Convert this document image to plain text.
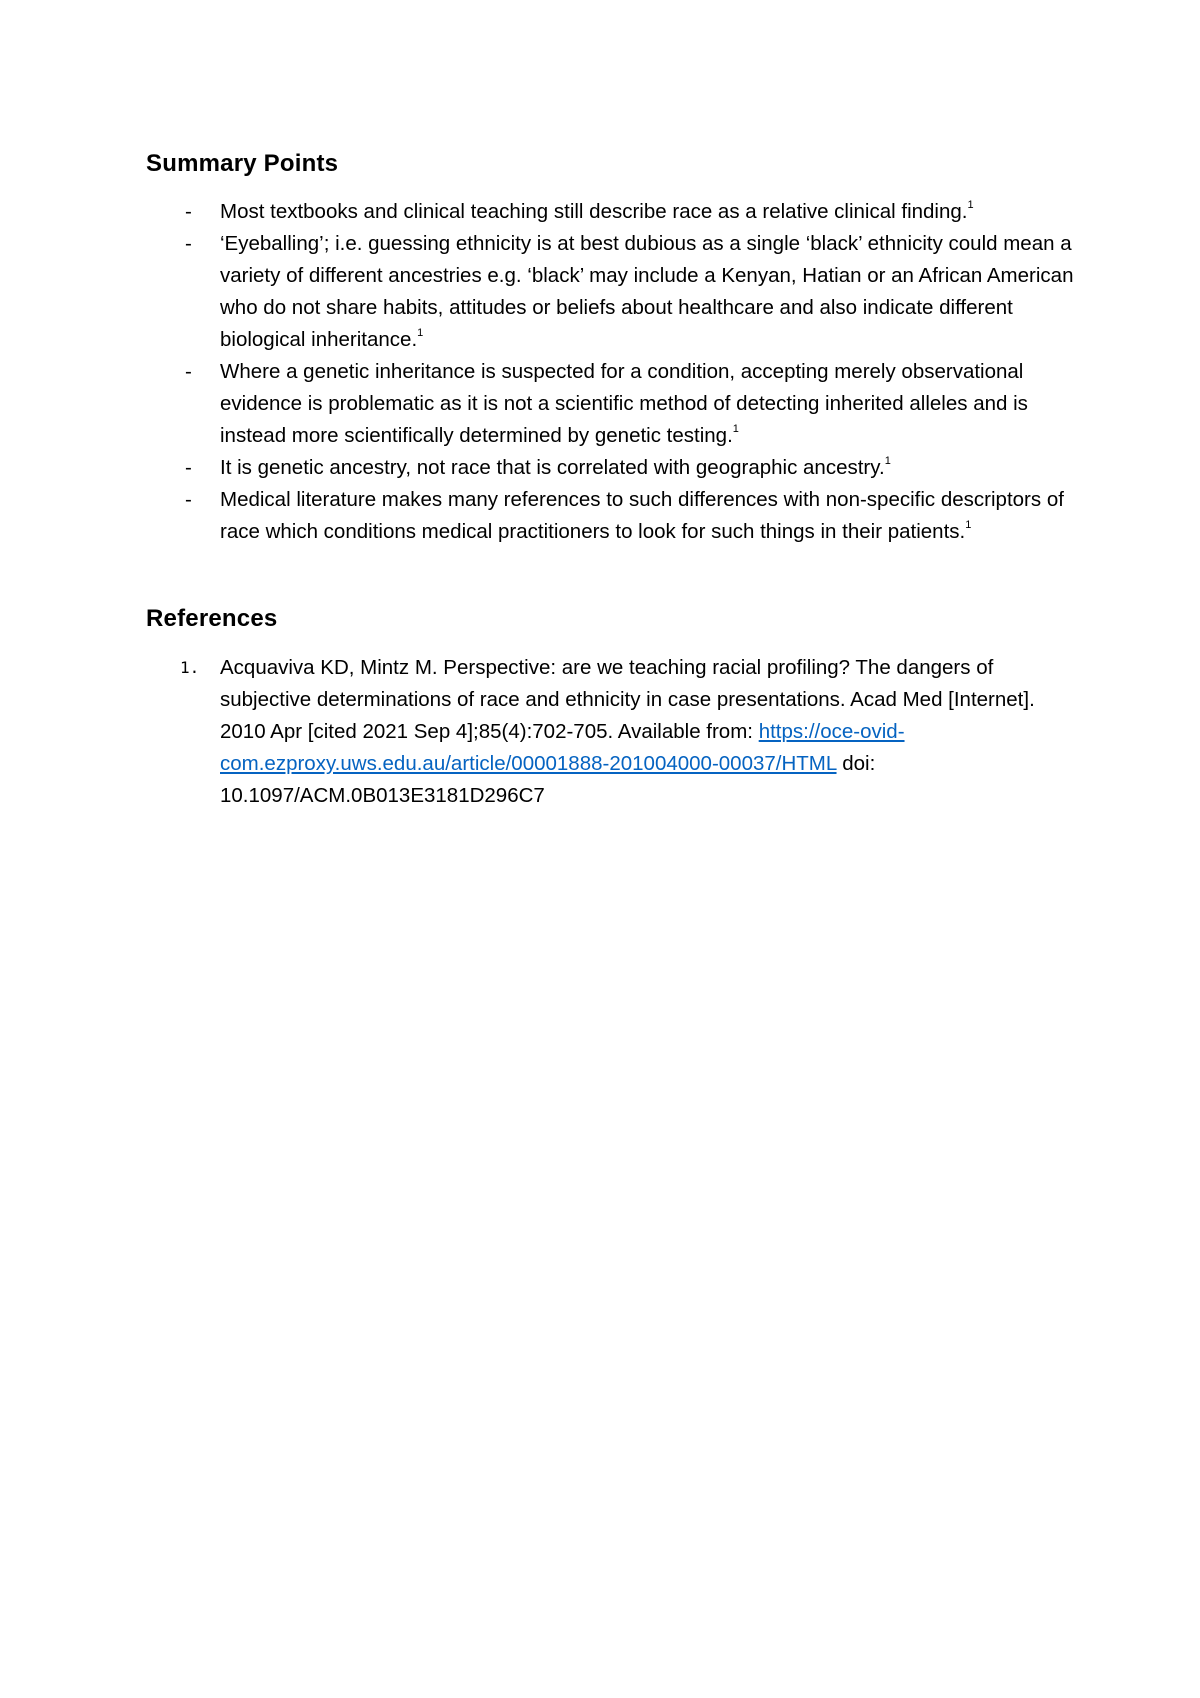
Summary Points
- Most textbooks and clinical teaching still describe race as a relative clinical finding.$^1$
- ‘Eyeballing’; i.e. guessing ethnicity is at best dubious as a single ‘black’ ethnicity could mean a variety of different ancestries e.g. ‘black’ may include a Kenyan, Hatian or an African American who do not share habits, attitudes or beliefs about healthcare and also indicate different biological inheritance.$^1$
- Where a genetic inheritance is suspected for a condition, accepting merely observational evidence is problematic as it is not a scientific method of detecting inherited alleles and is instead more scientifically determined by genetic testing.$^1$
- It is genetic ancestry, not race that is correlated with geographic ancestry.$^1$
- Medical literature makes many references to such differences with non-specific descriptors of race which conditions medical practitioners to look for such things in their patients.$^1$
References
1. Acquaviva KD, Mintz M. Perspective: are we teaching racial profiling? The dangers of subjective determinations of race and ethnicity in case presentations. Acad Med [Internet]. 2010 Apr [cited 2021 Sep 4];85(4):702-705. Available from: https://oce-ovid-com.ezproxy.uws.edu.au/article/00001888-201004000-00037/HTML doi: 10.1097/ACM.0B013E3181D296C7
